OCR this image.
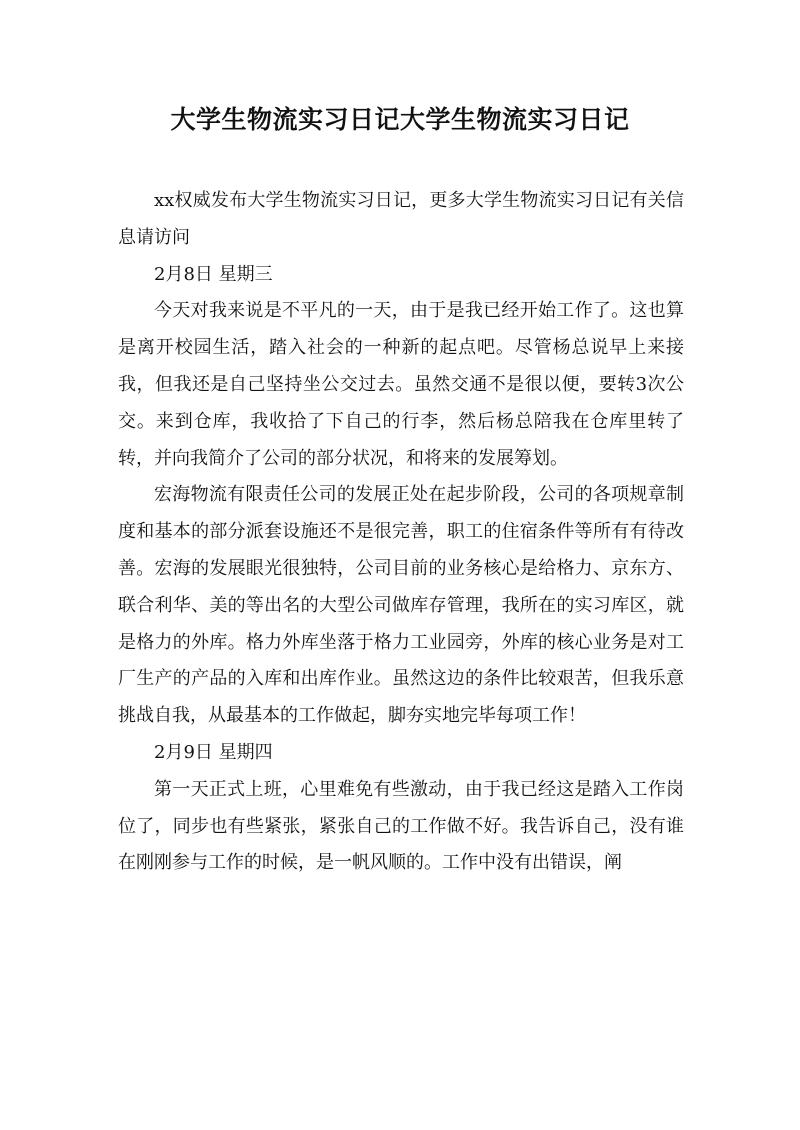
大学生物流实习日记大学生物流实习日记

xx权威发布大学生物流实习日记，更多大学生物流实习日记有关信息请访问

2月8日 星期三

今天对我来说是不平凡的一天，由于是我已经开始工作了。这也算是离开校园生活，踏入社会的一种新的起点吧。尽管杨总说早上来接我，但我还是自己坚持坐公交过去。虽然交通不是很以便，要转3次公交。来到仓库，我收拾了下自己的行李，然后杨总陪我在仓库里转了转，并向我简介了公司的部分状况，和将来的发展筹划。

宏海物流有限责任公司的发展正处在起步阶段，公司的各项规章制度和基本的部分派套设施还不是很完善，职工的住宿条件等所有有待改善。宏海的发展眼光很独特，公司目前的业务核心是给格力、京东方、联合利华、美的等出名的大型公司做库存管理，我所在的实习库区，就是格力的外库。格力外库坐落于格力工业园旁，外库的核心业务是对工厂生产的产品的入库和出库作业。虽然这边的条件比较艰苦，但我乐意挑战自我，从最基本的工作做起，脚夯实地完毕每项工作！

2月9日 星期四

第一天正式上班，心里难免有些激动，由于我已经这是踏入工作岗位了，同步也有些紧张，紧张自己的工作做不好。我告诉自己，没有谁在刚刚参与工作的时候，是一帆风顺的。工作中没有出错误，阐
